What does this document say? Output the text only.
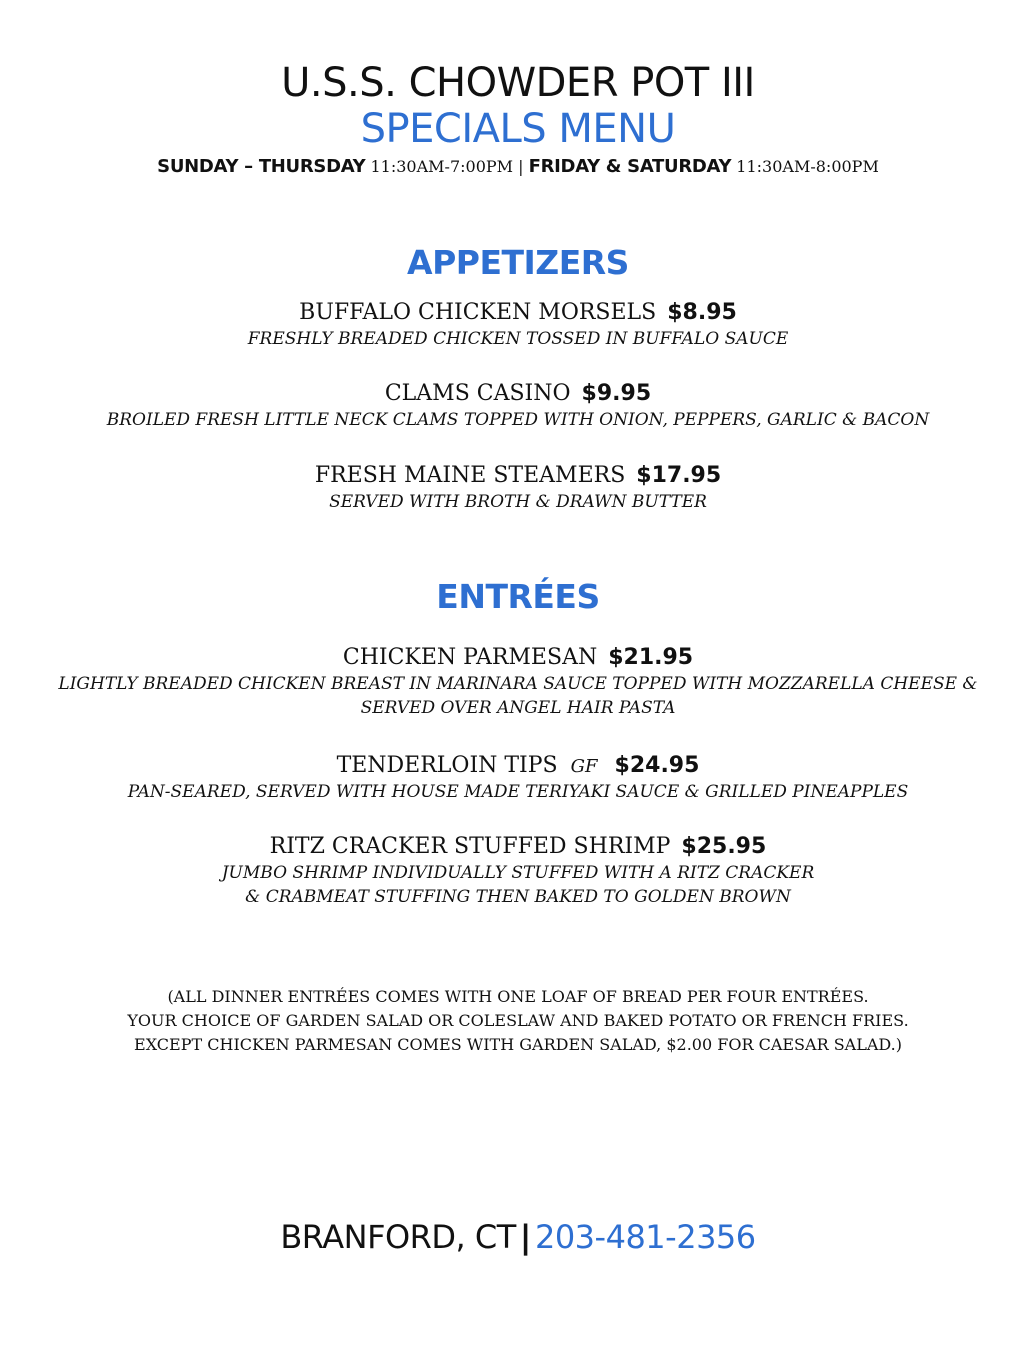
U.S.S. CHOWDER POT III
SPECIALS MENU
SUNDAY – THURSDAY 11:30AM-7:00PM | FRIDAY & SATURDAY 11:30AM-8:00PM
APPETIZERS
BUFFALO CHICKEN MORSELS $8.95
FRESHLY BREADED CHICKEN TOSSED IN BUFFALO SAUCE
CLAMS CASINO $9.95
BROILED FRESH LITTLE NECK CLAMS TOPPED WITH ONION, PEPPERS, GARLIC & BACON
FRESH MAINE STEAMERS $17.95
SERVED WITH BROTH & DRAWN BUTTER
ENTRÉES
CHICKEN PARMESAN $21.95
LIGHTLY BREADED CHICKEN BREAST IN MARINARA SAUCE TOPPED WITH MOZZARELLA CHEESE &
SERVED OVER ANGEL HAIR PASTA
TENDERLOIN TIPS GF $24.95
PAN-SEARED, SERVED WITH HOUSE MADE TERIYAKI SAUCE & GRILLED PINEAPPLES
RITZ CRACKER STUFFED SHRIMP $25.95
JUMBO SHRIMP INDIVIDUALLY STUFFED WITH A RITZ CRACKER
& CRABMEAT STUFFING THEN BAKED TO GOLDEN BROWN
(ALL DINNER ENTRÉES COMES WITH ONE LOAF OF BREAD PER FOUR ENTRÉES.
YOUR CHOICE OF GARDEN SALAD OR COLESLAW AND BAKED POTATO OR FRENCH FRIES.
EXCEPT CHICKEN PARMESAN COMES WITH GARDEN SALAD, $2.00 FOR CAESAR SALAD.)
BRANFORD, CT | 203-481-2356
